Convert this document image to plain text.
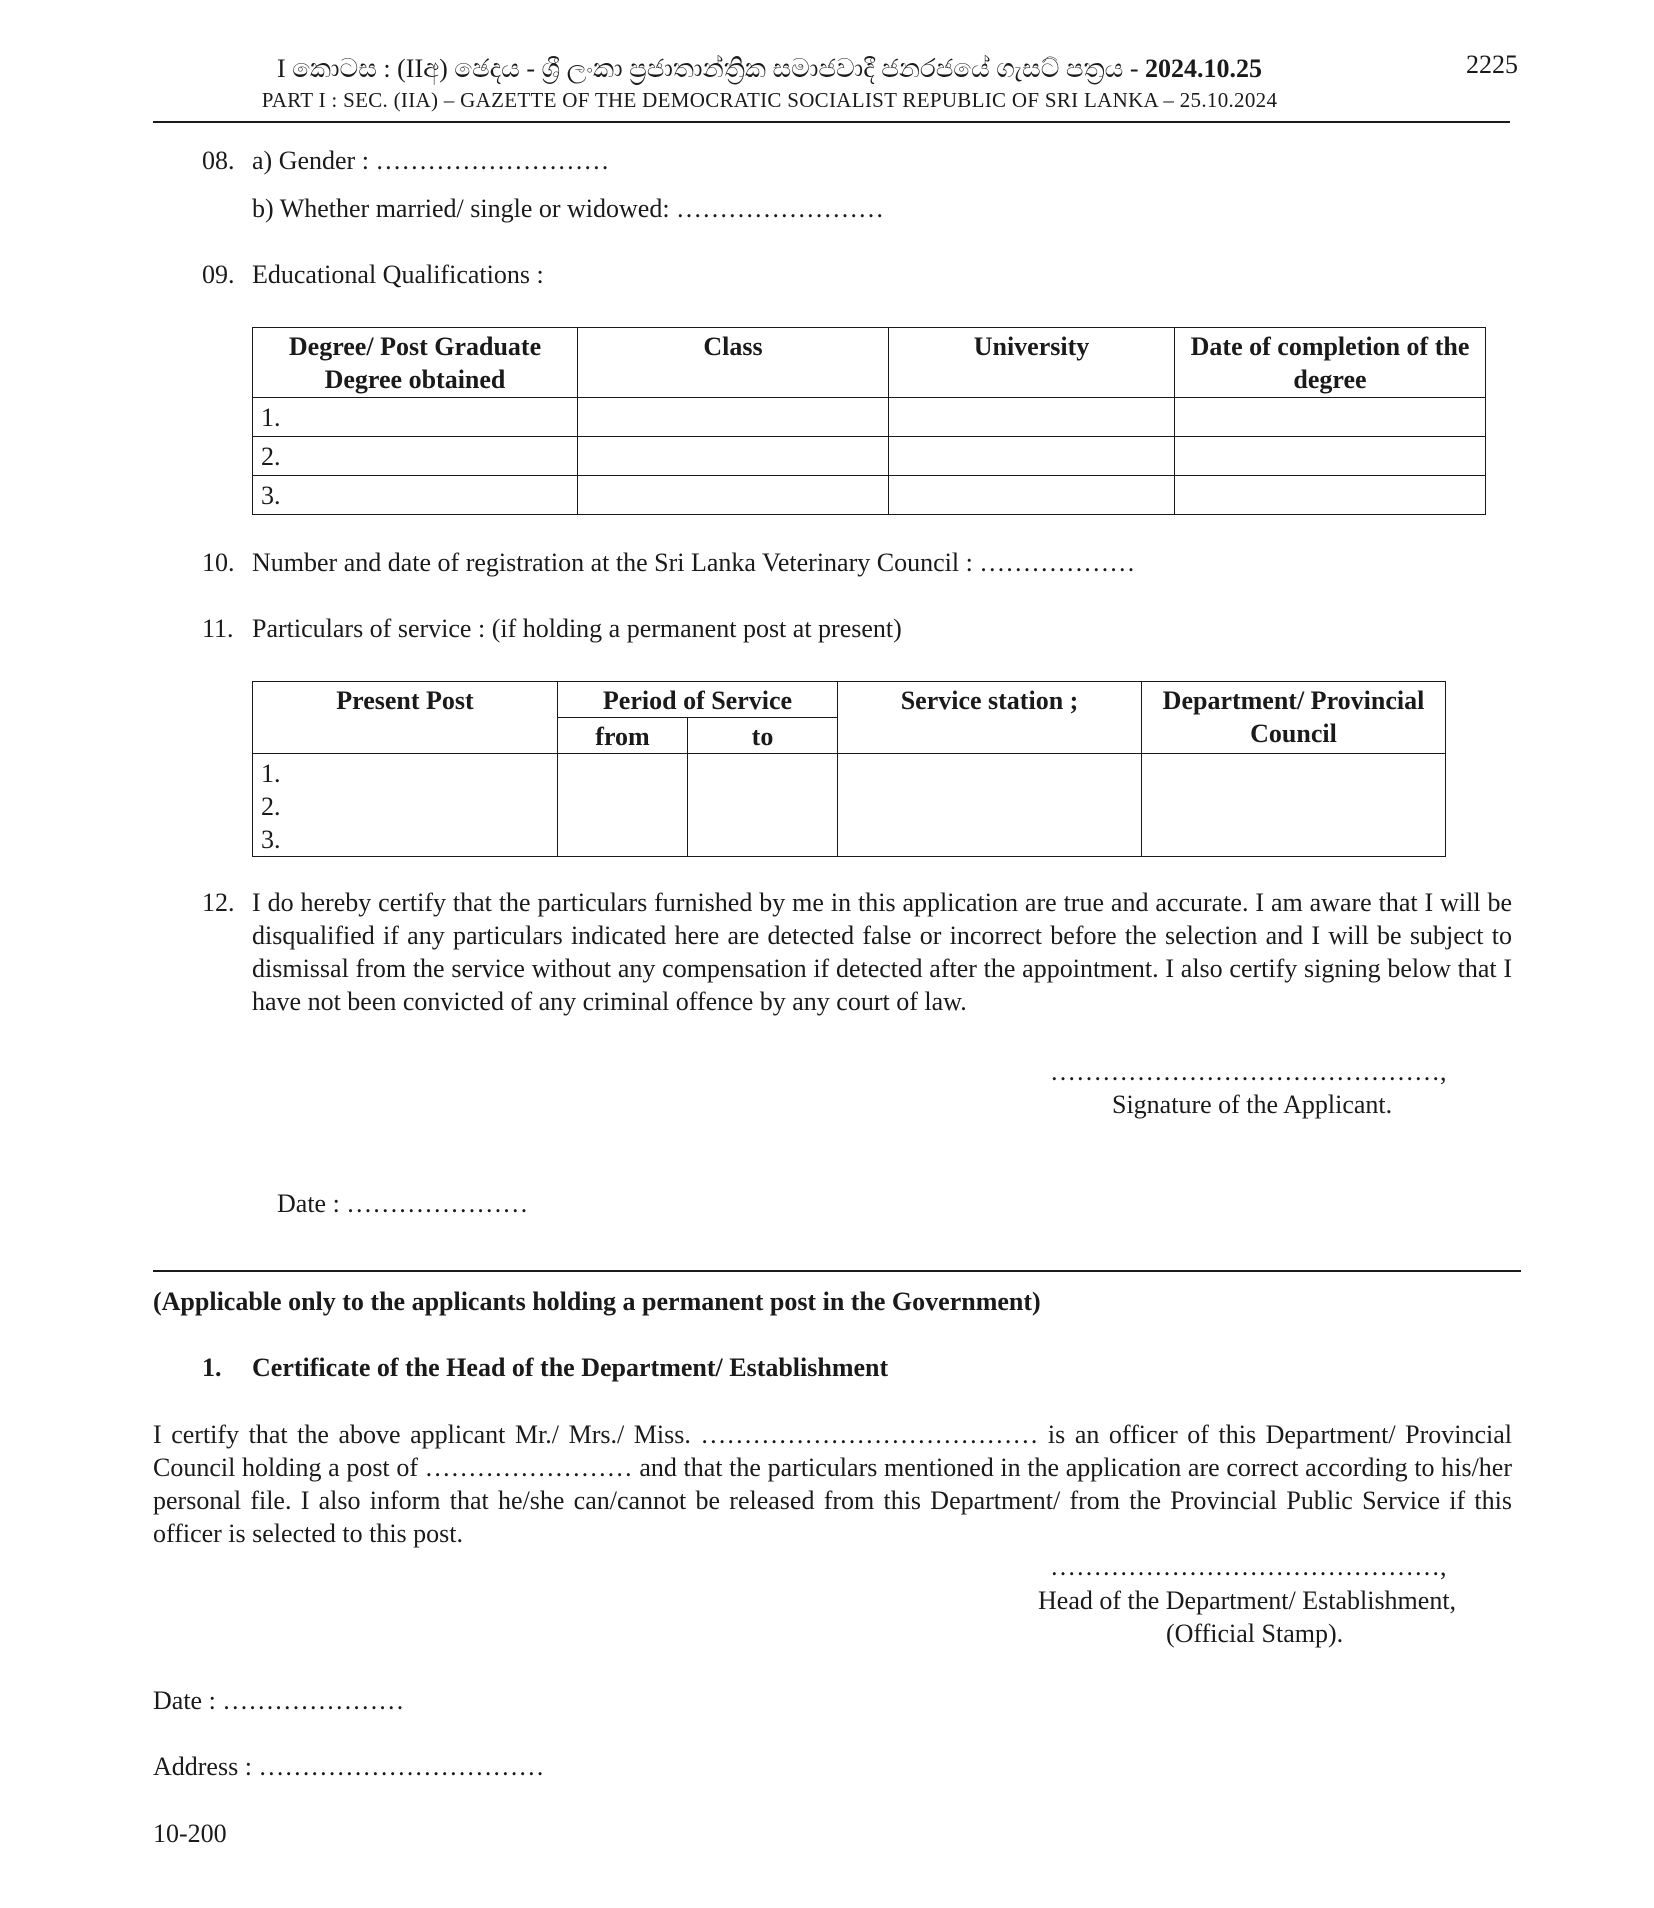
I කොටස : (IIඅ) ඡෙදය - ශ්‍රී ලංකා ප්‍රජාතාන්ත්‍රික සමාජවාදී ජනරජයේ ගැසට් පත්‍රය - 2024.10.25
PART I : SEC. (IIA) – GAZETTE OF THE DEMOCRATIC SOCIALIST REPUBLIC OF SRI LANKA – 25.10.2024
2225
08. a) Gender : ………………………
b) Whether married/ single or widowed: ……………………
09. Educational Qualifications :
Degree/ Post Graduate Degree obtained	Class	University	Date of completion of the degree
1.			
2.			
3.			
10. Number and date of registration at the Sri Lanka Veterinary Council : ………………
11. Particulars of service : (if holding a permanent post at present)
Present Post	Period of Service		Service station ;	Department/ Provincial Council
	from	to		

1.
2.
3.				

12. I do hereby certify that the particulars furnished by me in this application are true and accurate. I am aware that I will be disqualified if any particulars indicated here are detected false or incorrect before the selection and I will be subject to dismissal from the service without any compensation if detected after the appointment. I also certify signing below that I have not been convicted of any criminal offence by any court of law.
………………………………………,
Signature of the Applicant.
Date : …………………
(Applicable only to the applicants holding a permanent post in the Government)
1. Certificate of the Head of the Department/ Establishment
I certify that the above applicant Mr./ Mrs./ Miss. ………………………………… is an officer of this Department/ Provincial Council holding a post of …………………… and that the particulars mentioned in the application are correct according to his/her personal file. I also inform that he/she can/cannot be released from this Department/ from the Provincial Public Service if this officer is selected to this post.
………………………………………,
Head of the Department/ Establishment,
(Official Stamp).
Date : …………………
Address : ……………………………
10-200
